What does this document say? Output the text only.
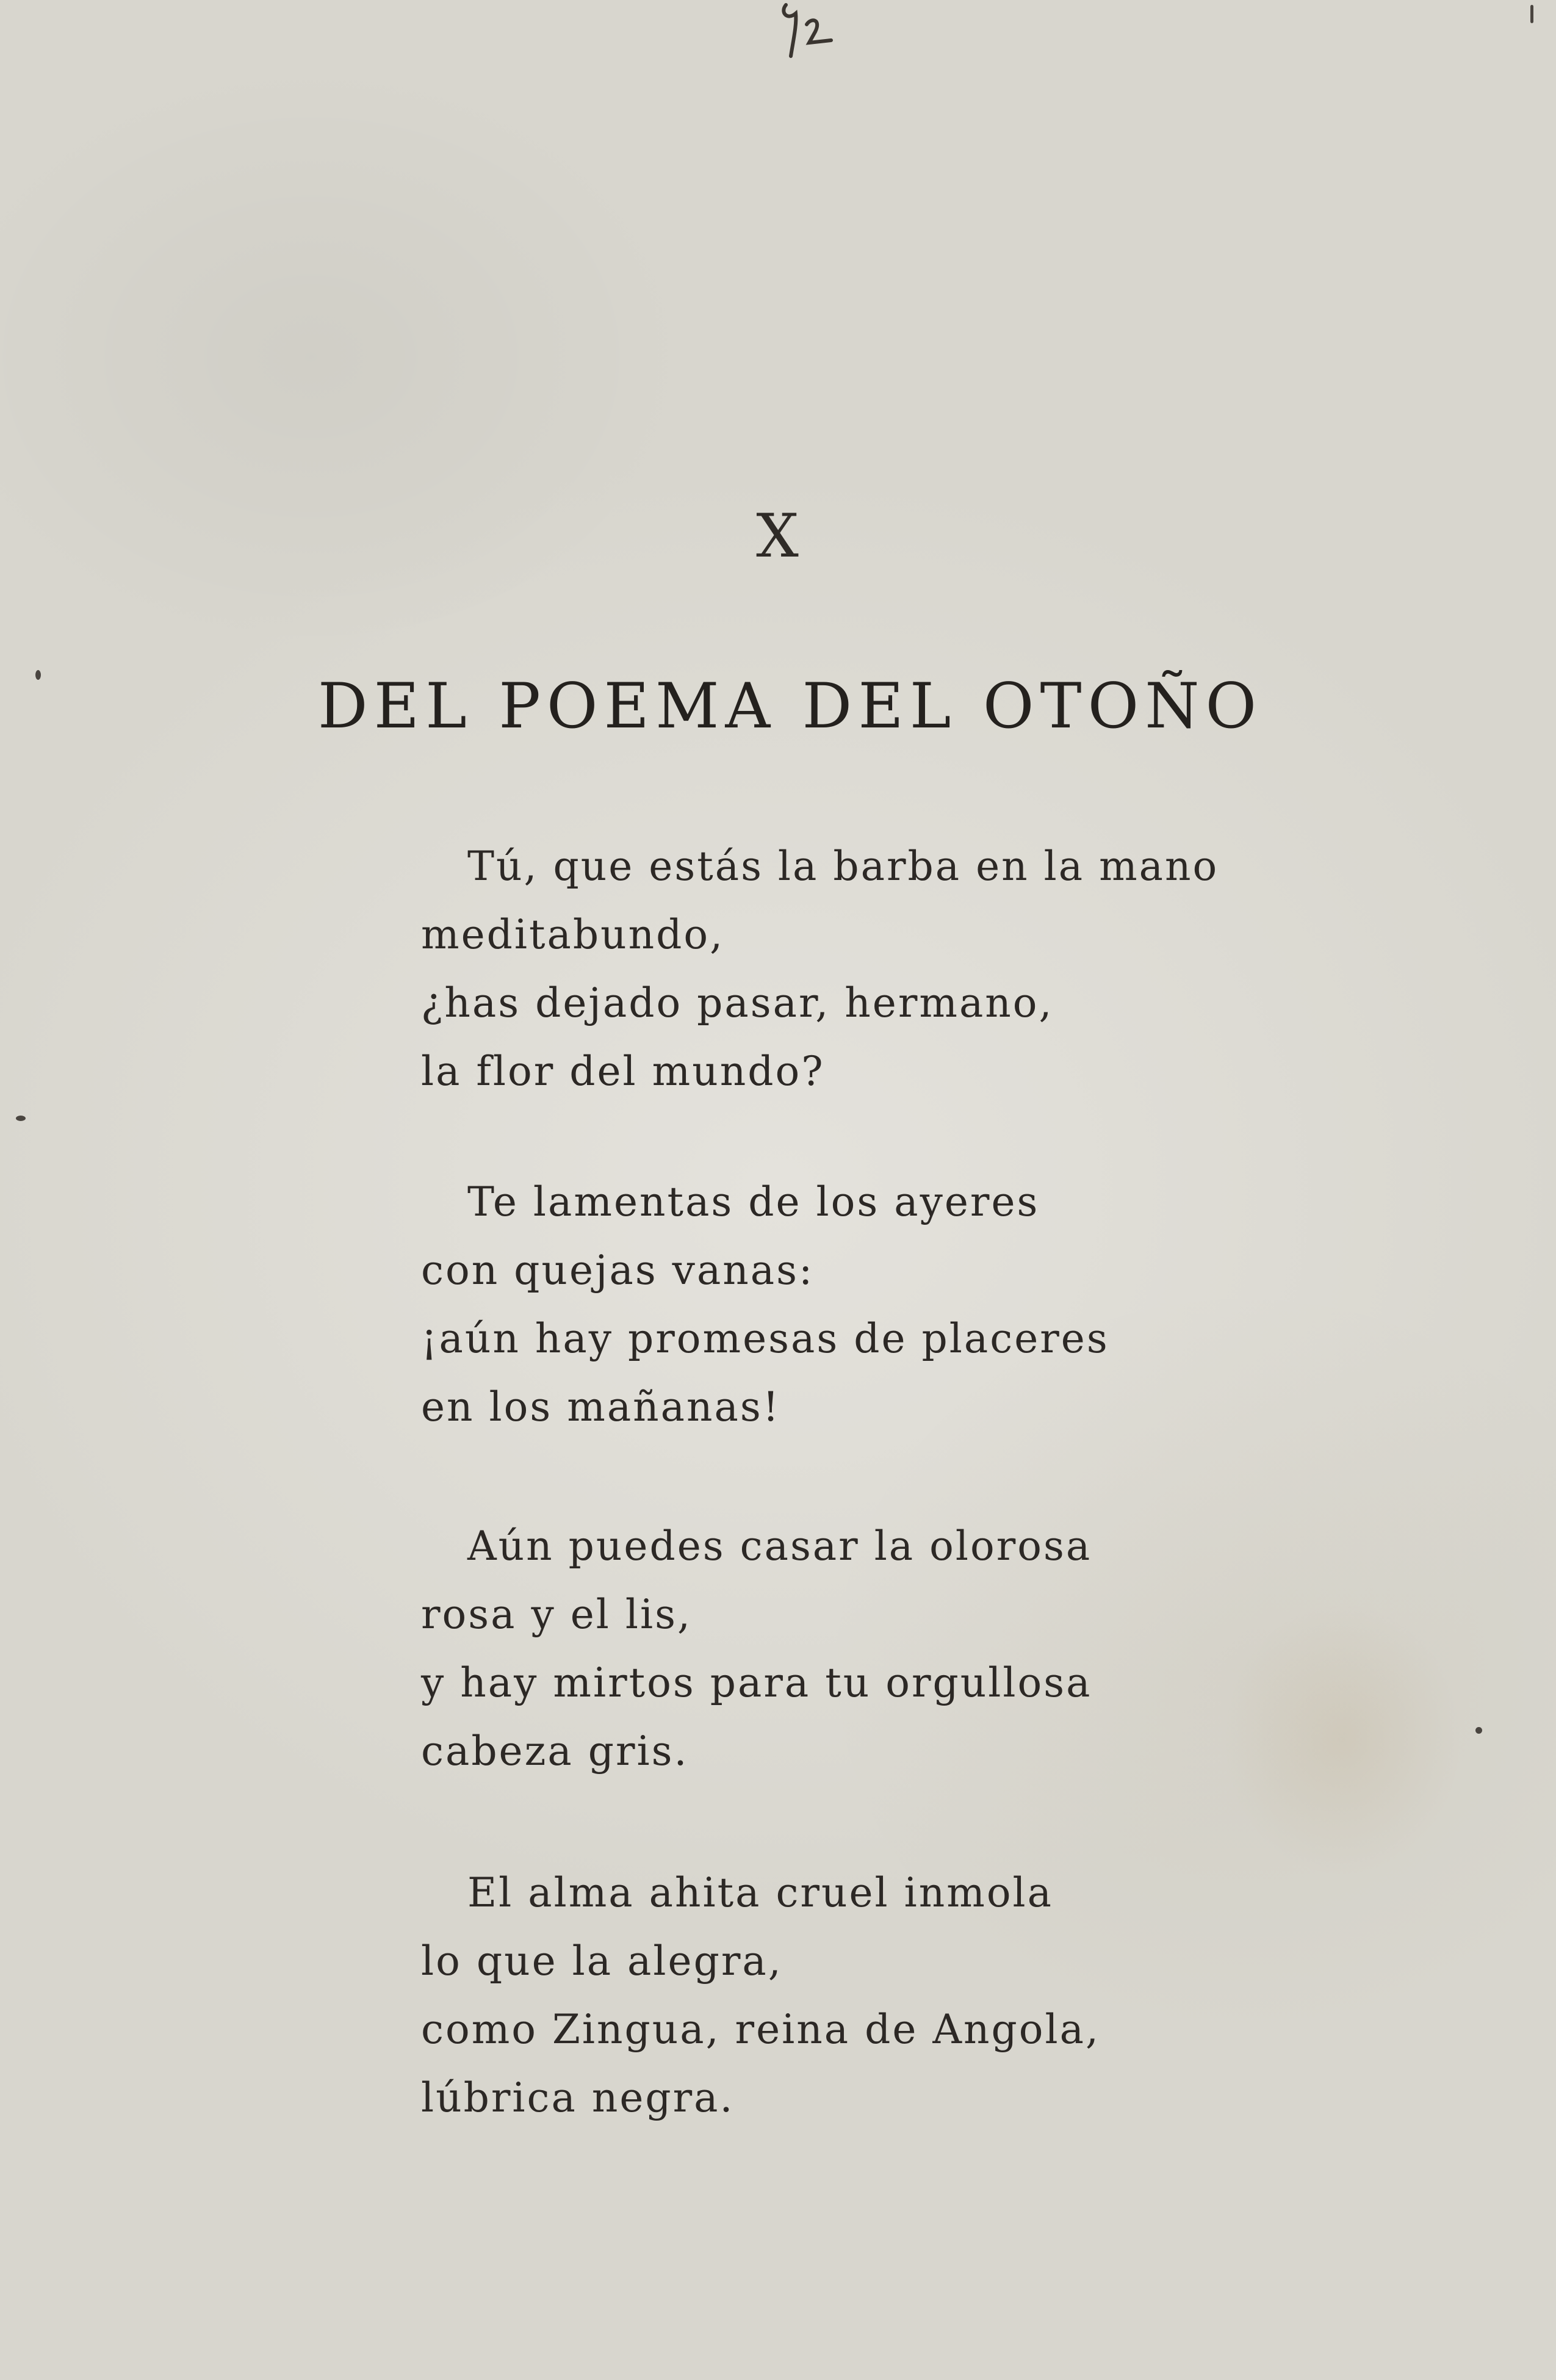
X
DEL POEMA DEL OTOÑO
Tú, que estás la barba en la mano
meditabundo,
¿has dejado pasar, hermano,
la flor del mundo?
Te lamentas de los ayeres
con quejas vanas:
¡aún hay promesas de placeres
en los mañanas!
Aún puedes casar la olorosa
rosa y el lis,
y hay mirtos para tu orgullosa
cabeza gris.
El alma ahita cruel inmola
lo que la alegra,
como Zingua, reina de Angola,
lúbrica negra.
